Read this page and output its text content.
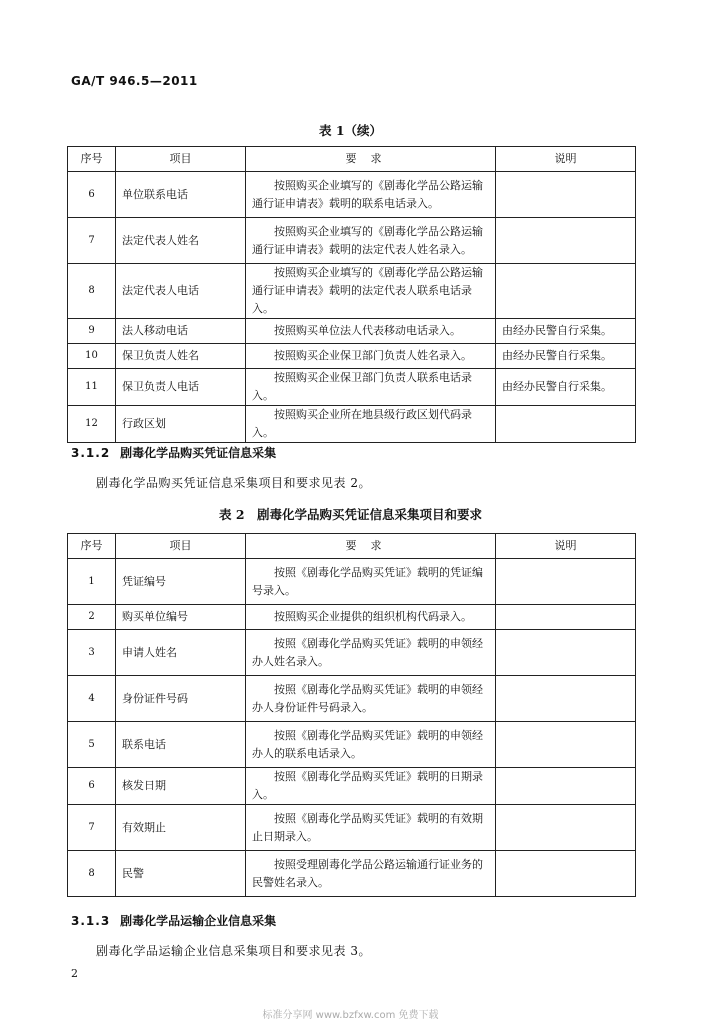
GA/T 946.5—2011
表 1（续）
序号	项目	要求	说明
6	单位联系电话	按照购买企业填写的《剧毒化学品公路运输通行证申请表》载明的联系电话录入。	
7	法定代表人姓名	按照购买企业填写的《剧毒化学品公路运输通行证申请表》载明的法定代表人姓名录入。	
8	法定代表人电话	按照购买企业填写的《剧毒化学品公路运输通行证申请表》载明的法定代表人联系电话录入。	
9	法人移动电话	按照购买单位法人代表移动电话录入。	由经办民警自行采集。
10	保卫负责人姓名	按照购买企业保卫部门负责人姓名录入。	由经办民警自行采集。
11	保卫负责人电话	按照购买企业保卫部门负责人联系电话录入。	由经办民警自行采集。
12	行政区划	按照购买企业所在地县级行政区划代码录入。	
3.1.2 剧毒化学品购买凭证信息采集
剧毒化学品购买凭证信息采集项目和要求见表 2。
表 2　剧毒化学品购买凭证信息采集项目和要求
序号	项目	要求	说明
1	凭证编号	按照《剧毒化学品购买凭证》载明的凭证编号录入。	
2	购买单位编号	按照购买企业提供的组织机构代码录入。	
3	申请人姓名	按照《剧毒化学品购买凭证》载明的申领经办人姓名录入。	
4	身份证件号码	按照《剧毒化学品购买凭证》载明的申领经办人身份证件号码录入。	
5	联系电话	按照《剧毒化学品购买凭证》载明的申领经办人的联系电话录入。	
6	核发日期	按照《剧毒化学品购买凭证》载明的日期录入。	
7	有效期止	按照《剧毒化学品购买凭证》载明的有效期止日期录入。	
8	民警	按照受理剧毒化学品公路运输通行证业务的民警姓名录入。	
3.1.3 剧毒化学品运输企业信息采集
剧毒化学品运输企业信息采集项目和要求见表 3。
2
标准分享网 www.bzfxw.com 免费下载
